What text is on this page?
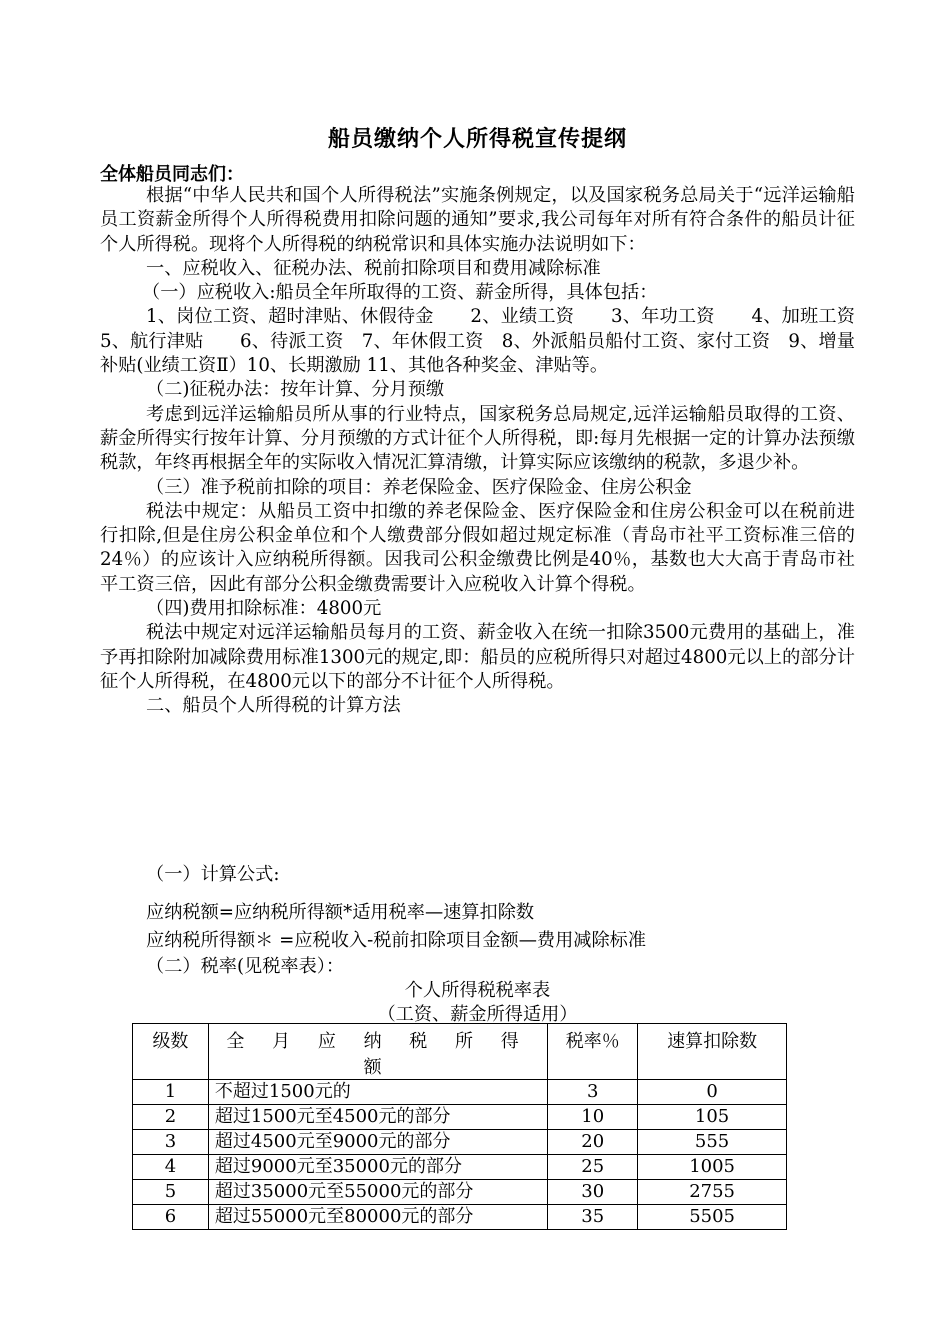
船员缴纳个人所得税宣传提纲
全体船员同志们：

根据“中华人民共和国个人所得税法”实施条例规定，以及国家税务总局关于“远洋运输船员工资薪金所得个人所得税费用扣除问题的通知”要求,我公司每年对所有符合条件的船员计征个人所得税。现将个人所得税的纳税常识和具体实施办法说明如下：

一、应税收入、征税办法、税前扣除项目和费用减除标准

（一）应税收入:船员全年所取得的工资、薪金所得，具体包括：

1、岗位工资、超时津贴、休假待金　　2、业绩工资　　3、年功工资　　4、加班工资　　5、航行津贴　　6、待派工资　7、年休假工资　8、外派船员船付工资、家付工资　9、增量补贴(业绩工资Ⅱ）10、长期激励 11、其他各种奖金、津贴等。

（二)征税办法：按年计算、分月预缴

考虑到远洋运输船员所从事的行业特点，国家税务总局规定,远洋运输船员取得的工资、薪金所得实行按年计算、分月预缴的方式计征个人所得税，即:每月先根据一定的计算办法预缴税款，年终再根据全年的实际收入情况汇算清缴，计算实际应该缴纳的税款，多退少补。

（三）准予税前扣除的项目：养老保险金、医疗保险金、住房公积金

税法中规定：从船员工资中扣缴的养老保险金、医疗保险金和住房公积金可以在税前进行扣除,但是住房公积金单位和个人缴费部分假如超过规定标准（青岛市社平工资标准三倍的24％）的应该计入应纳税所得额。因我司公积金缴费比例是40％，基数也大大高于青岛市社平工资三倍，因此有部分公积金缴费需要计入应税收入计算个得税。

（四)费用扣除标准：4800元

税法中规定对远洋运输船员每月的工资、薪金收入在统一扣除3500元费用的基础上，准予再扣除附加减除费用标准1300元的规定,即：船员的应税所得只对超过4800元以上的部分计征个人所得税，在4800元以下的部分不计征个人所得税。

二、船员个人所得税的计算方法

（一）计算公式:

应纳税额=应纳税所得额*适用税率—速算扣除数

应纳税所得额＊ =应税收入-税前扣除项目金额—费用减除标准

（二）税率(见税率表）：

个人所得税税率表
（工资、薪金所得适用）
级数	全 月 应 纳 税 所 得 额	税率％	速算扣除数
1	不超过1500元的	3	0
2	超过1500元至4500元的部分	10	105
3	超过4500元至9000元的部分	20	555
4	超过9000元至35000元的部分	25	1005
5	超过35000元至55000元的部分	30	2755
6	超过55000元至80000元的部分	35	5505
